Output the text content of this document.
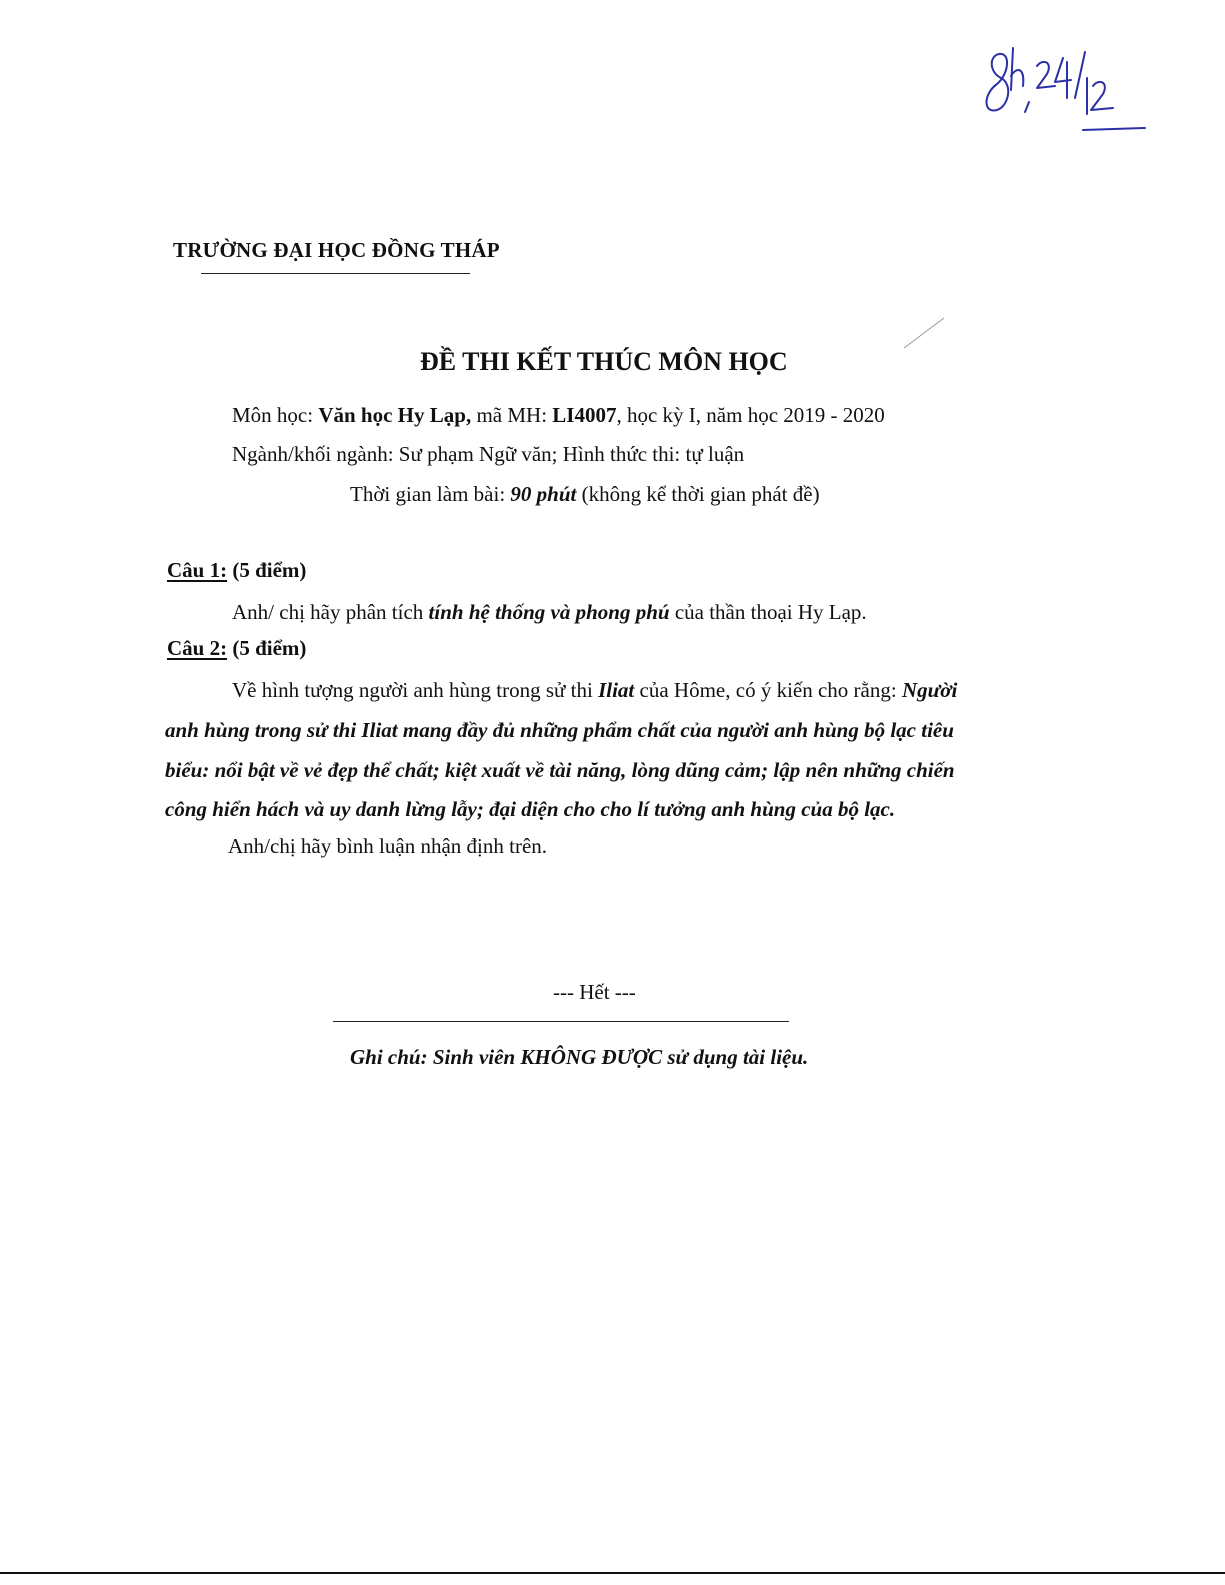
TRƯỜNG ĐẠI HỌC ĐỒNG THÁP
ĐỀ THI KẾT THÚC MÔN HỌC
Môn học: Văn học Hy Lạp, mã MH: LI4007, học kỳ I, năm học 2019 - 2020
Ngành/khối ngành: Sư phạm Ngữ văn; Hình thức thi: tự luận
Thời gian làm bài: 90 phút (không kể thời gian phát đề)
Câu 1: (5 điểm)
Anh/ chị hãy phân tích tính hệ thống và phong phú của thần thoại Hy Lạp.
Câu 2: (5 điểm)
Về hình tượng người anh hùng trong sử thi Iliat của Hôme, có ý kiến cho rằng: Người
anh hùng trong sử thi Iliat mang đầy đủ những phẩm chất của người anh hùng bộ lạc tiêu
biểu: nổi bật về vẻ đẹp thể chất; kiệt xuất về tài năng, lòng dũng cảm; lập nên những chiến
công hiển hách và uy danh lừng lẫy; đại diện cho cho lí tưởng anh hùng của bộ lạc.
Anh/chị hãy bình luận nhận định trên.
--- Hết ---
Ghi chú: Sinh viên KHÔNG ĐƯỢC sử dụng tài liệu.
